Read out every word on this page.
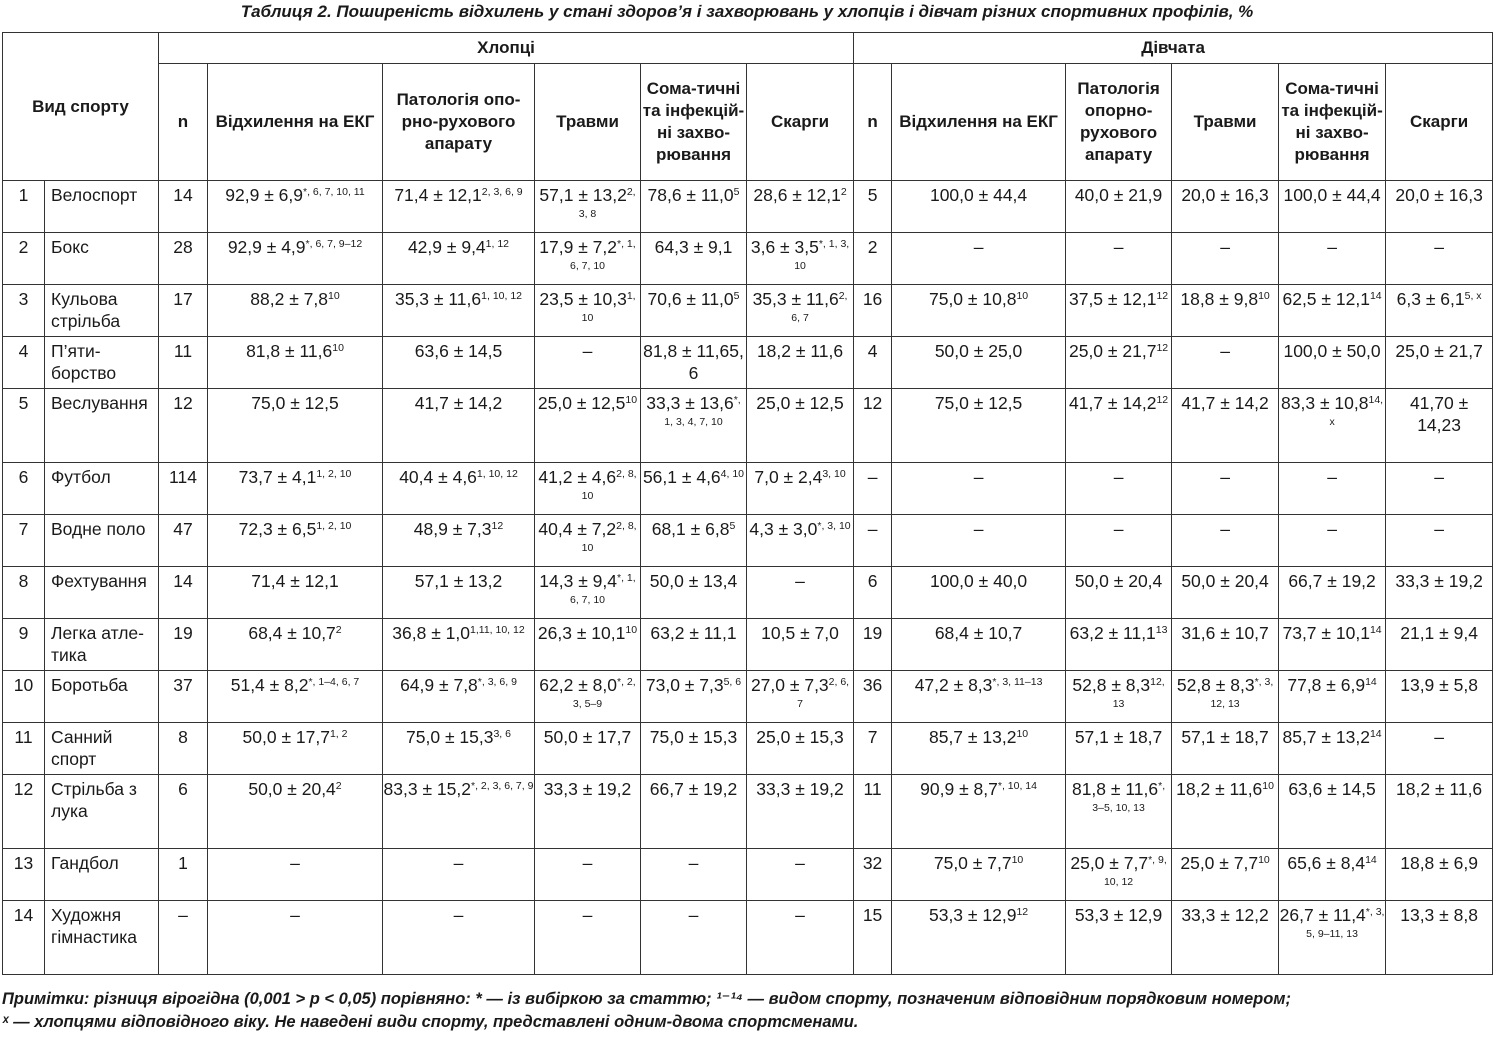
Таблиця 2. Поширеність відхилень у стані здоров’я і захворювань у хлопців і дівчат різних спортивних профілів, %
Вид спорту		Хлопці						Дівчата					
		n	Відхилення на ЕКГ	Патологія опо-рно-рухового апарату	Травми	Сома-тичні та інфекцій-ні захво-рювання	Скарги	n	Відхилення на ЕКГ	Патологія опорно-рухового апарату	Травми	Сома-тичні та інфекцій-ні захво-рювання	Скарги
1	Велоспорт	14	$92,9 \pm 6,9^{*, 6, 7, 10, 11}$	$71,4 \pm 12,1^{2, 3, 6, 9}$	$57,1 \pm 13,2^{2, 3, 8}$	$78,6 \pm 11,0^5$	$28,6 \pm 12,1^2$	5	100,0 ± 44,4	40,0 ± 21,9	20,0 ± 16,3	100,0 ± 44,4	20,0 ± 16,3
2	Бокс	28	$92,9 \pm 4,9^{*, 6, 7, 9-12}$	$42,9 \pm 9,4^{1, 12}$	$17,9 \pm 7,2^{*, 1, 6, 7, 10}$	64,3 ± 9,1	$3,6 \pm 3,5^{*, 1, 3, 10}$	2	–	–	–	–	–
3	Кульова стрільба	17	$88,2 \pm 7,8^{10}$	$35,3 \pm 11,6^{1, 10, 12}$	$23,5 \pm 10,3^{1, 10}$	$70,6 \pm 11,0^5$	$35,3 \pm 11,6^{2, 6, 7}$	16	$75,0 \pm 10,8^{10}$	$37,5 \pm 12,1^{12}$	$18,8 \pm 9,8^{10}$	$62,5 \pm 12,1^{14}$	$6,3 \pm 6,1^{5, x}$
4	П’яти-борство	11	$81,8 \pm 11,6^{10}$	63,6 ± 14,5	–	81,8 ± 11,65, 6	18,2 ± 11,6	4	50,0 ± 25,0	$25,0 \pm 21,7^{12}$	–	100,0 ± 50,0	25,0 ± 21,7
5	Веслування	12	75,0 ± 12,5	41,7 ± 14,2	$25,0 \pm 12,5^{10}$	$33,3 \pm 13,6^{*, 1, 3, 4, 7, 10}$	25,0 ± 12,5	12	75,0 ± 12,5	$41,7 \pm 14,2^{12}$	41,7 ± 14,2	$83,3 \pm 10,8^{14, x}$	41,70 ± 14,23
6	Футбол	114	$73,7 \pm 4,1^{1, 2, 10}$	$40,4 \pm 4,6^{1, 10, 12}$	$41,2 \pm 4,6^{2, 8, 10}$	$56,1 \pm 4,6^{4, 10}$	$7,0 \pm 2,4^{3, 10}$	–	–	–	–	–	–
7	Водне поло	47	$72,3 \pm 6,5^{1, 2, 10}$	$48,9 \pm 7,3^{12}$	$40,4 \pm 7,2^{2, 8, 10}$	$68,1 \pm 6,8^5$	$4,3 \pm 3,0^{*, 3, 10}$	–	–	–	–	–	–
8	Фехтування	14	71,4 ± 12,1	57,1 ± 13,2	$14,3 \pm 9,4^{*, 1, 6, 7, 10}$	50,0 ± 13,4	–	6	100,0 ± 40,0	50,0 ± 20,4	50,0 ± 20,4	66,7 ± 19,2	33,3 ± 19,2
9	Легка атле-тика	19	$68,4 \pm 10,7^2$	$36,8 \pm 1,0^{1,11, 10, 12}$	$26,3 \pm 10,1^{10}$	63,2 ± 11,1	10,5 ± 7,0	19	68,4 ± 10,7	$63,2 \pm 11,1^{13}$	31,6 ± 10,7	$73,7 \pm 10,1^{14}$	21,1 ± 9,4
10	Боротьба	37	$51,4 \pm 8,2^{*, 1-4, 6, 7}$	$64,9 \pm 7,8^{*, 3, 6, 9}$	$62,2 \pm 8,0^{*, 2, 3, 5-9}$	$73,0 \pm 7,3^{5, 6}$	$27,0 \pm 7,3^{2, 6, 7}$	36	$47,2 \pm 8,3^{*, 3, 11-13}$	$52,8 \pm 8,3^{12, 13}$	$52,8 \pm 8,3^{*, 3, 12, 13}$	$77,8 \pm 6,9^{14}$	13,9 ± 5,8
11	Санний спорт	8	$50,0 \pm 17,7^{1, 2}$	$75,0 \pm 15,3^{3, 6}$	50,0 ± 17,7	75,0 ± 15,3	25,0 ± 15,3	7	$85,7 \pm 13,2^{10}$	57,1 ± 18,7	57,1 ± 18,7	$85,7 \pm 13,2^{14}$	–
12	Стрільба з лука	6	$50,0 \pm 20,4^2$	$83,3 \pm 15,2^{*, 2, 3, 6, 7, 9}$	33,3 ± 19,2	66,7 ± 19,2	33,3 ± 19,2	11	$90,9 \pm 8,7^{*, 10, 14}$	$81,8 \pm 11,6^{*, 3-5, 10, 13}$	$18,2 \pm 11,6^{10}$	63,6 ± 14,5	18,2 ± 11,6
13	Гандбол	1	–	–	–	–	–	32	$75,0 \pm 7,7^{10}$	$25,0 \pm 7,7^{*, 9, 10, 12}$	$25,0 \pm 7,7^{10}$	$65,6 \pm 8,4^{14}$	18,8 ± 6,9
14	Художня гімнастика	–	–	–	–	–	–	15	$53,3 \pm 12,9^{12}$	53,3 ± 12,9	33,3 ± 12,2	$26,7 \pm 11,4^{*, 3, 5, 9-11, 13}$	13,3 ± 8,8
Примітки: різниця вірогідна (0,001 > p < 0,05) порівняно: * — із вибіркою за статтю; ¹⁻¹⁴ — видом спорту, позначеним відповідним порядковим номером;
ˣ — хлопцями відповідного віку. Не наведені види спорту, представлені одним-двома спортсменами.
